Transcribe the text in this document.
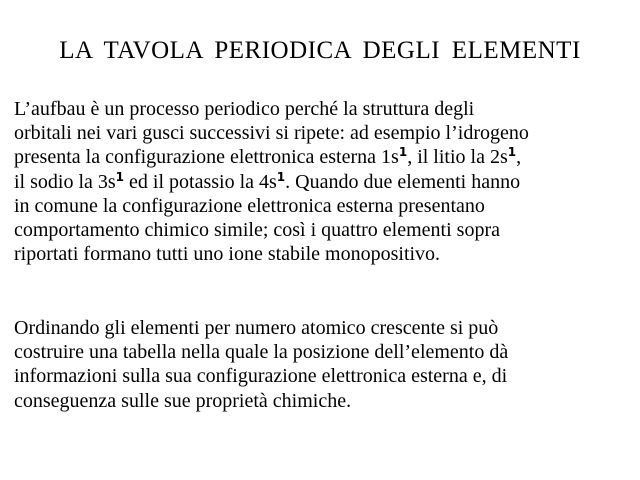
LA TAVOLA PERIODICA DEGLI ELEMENTI

L’aufbau è un processo periodico perché la struttura degli
orbitali nei vari gusci successivi si ripete: ad esempio l’idrogeno
presenta la configurazione elettronica esterna $1s^1$, il litio la $2s^1$,
il sodio la $3s^1$ ed il potassio la $4s^1$. Quando due elementi hanno
in comune la configurazione elettronica esterna presentano
comportamento chimico simile; così i quattro elementi sopra
riportati formano tutti uno ione stabile monopositivo.

Ordinando gli elementi per numero atomico crescente si può
costruire una tabella nella quale la posizione dell’elemento dà
informazioni sulla sua configurazione elettronica esterna e, di
conseguenza sulle sue proprietà chimiche.
